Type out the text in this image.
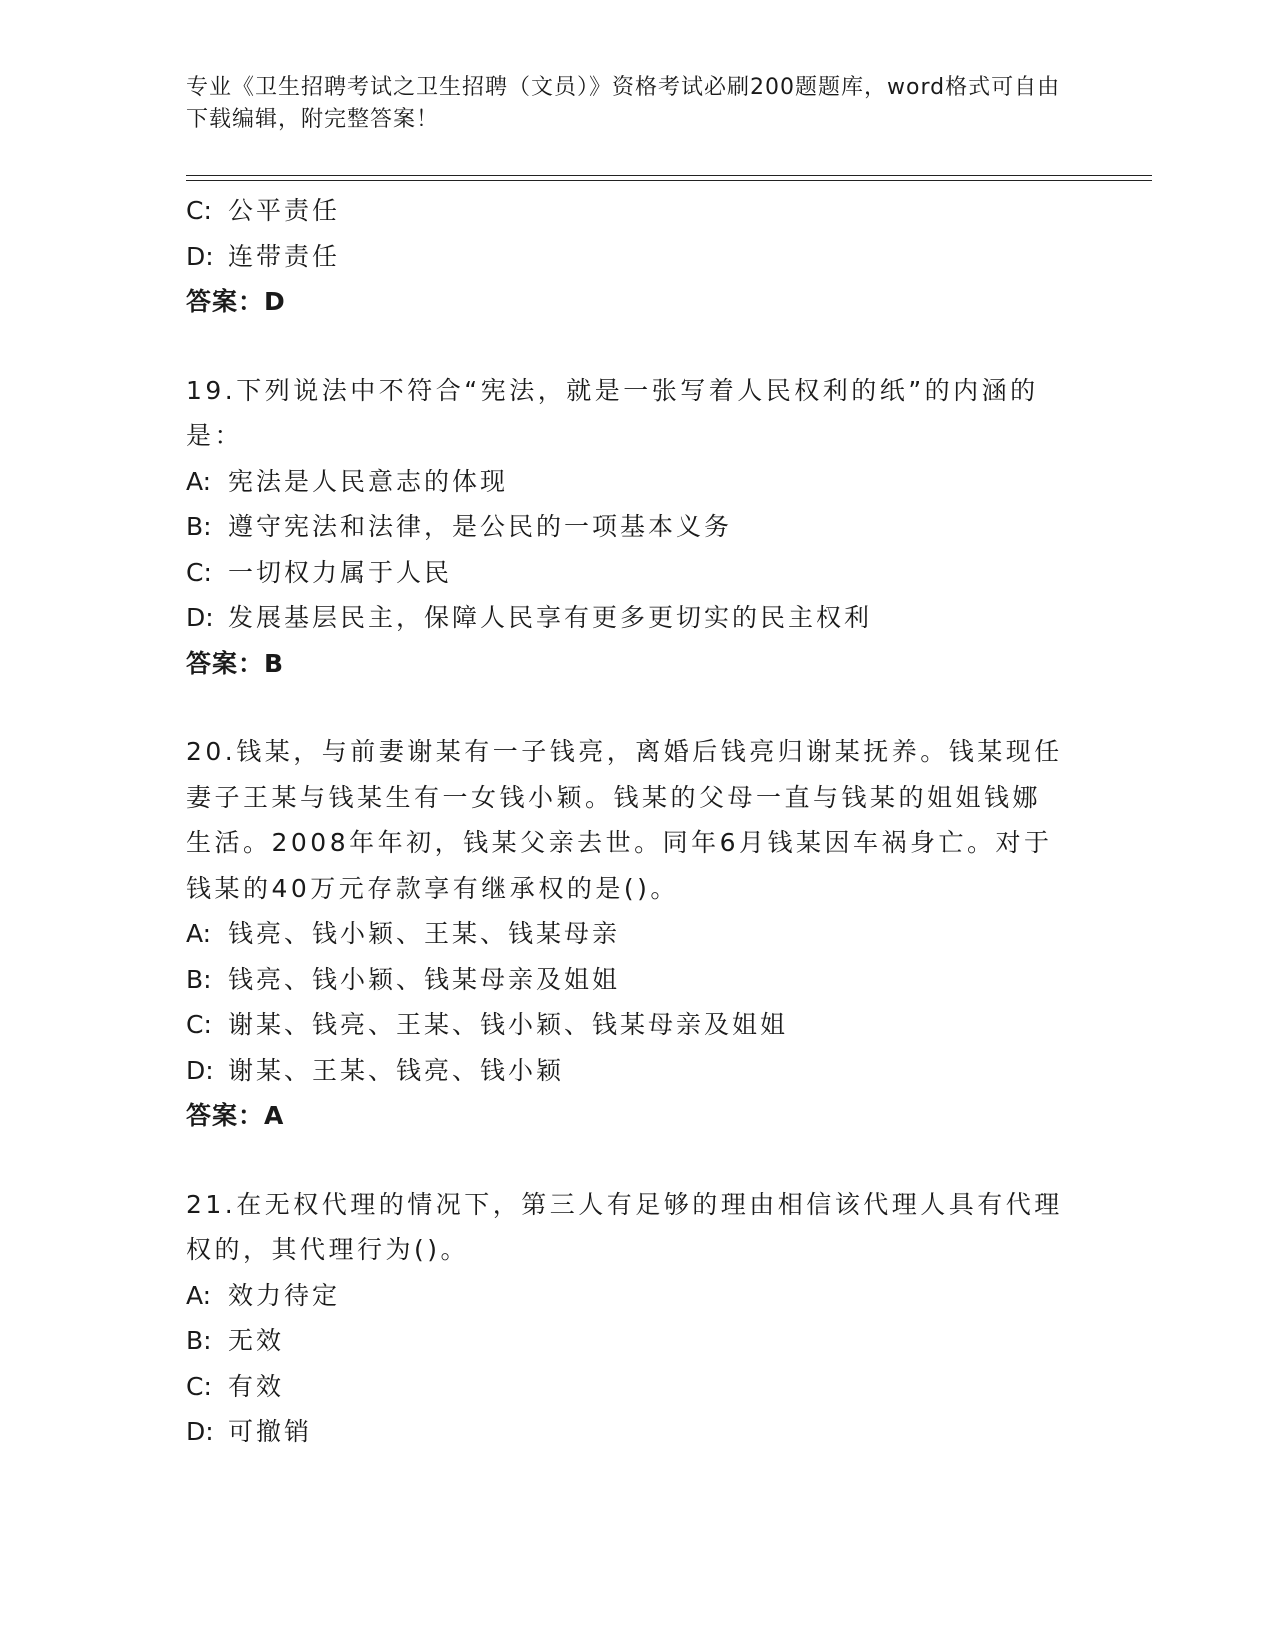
专业《卫生招聘考试之卫生招聘（文员）》资格考试必刷200题题库，word格式可自由下载编辑，附完整答案！
C: 公平责任
D: 连带责任
答案：D
19.下列说法中不符合“宪法，就是一张写着人民权利的纸”的内涵的是：
A: 宪法是人民意志的体现
B: 遵守宪法和法律，是公民的一项基本义务
C: 一切权力属于人民
D: 发展基层民主，保障人民享有更多更切实的民主权利
答案：B
20.钱某，与前妻谢某有一子钱亮，离婚后钱亮归谢某抚养。钱某现任妻子王某与钱某生有一女钱小颖。钱某的父母一直与钱某的姐姐钱娜生活。2008年年初，钱某父亲去世。同年6月钱某因车祸身亡。对于钱某的40万元存款享有继承权的是()。
A: 钱亮、钱小颖、王某、钱某母亲
B: 钱亮、钱小颖、钱某母亲及姐姐
C: 谢某、钱亮、王某、钱小颖、钱某母亲及姐姐
D: 谢某、王某、钱亮、钱小颖
答案：A
21.在无权代理的情况下，第三人有足够的理由相信该代理人具有代理权的，其代理行为()。
A: 效力待定
B: 无效
C: 有效
D: 可撤销
